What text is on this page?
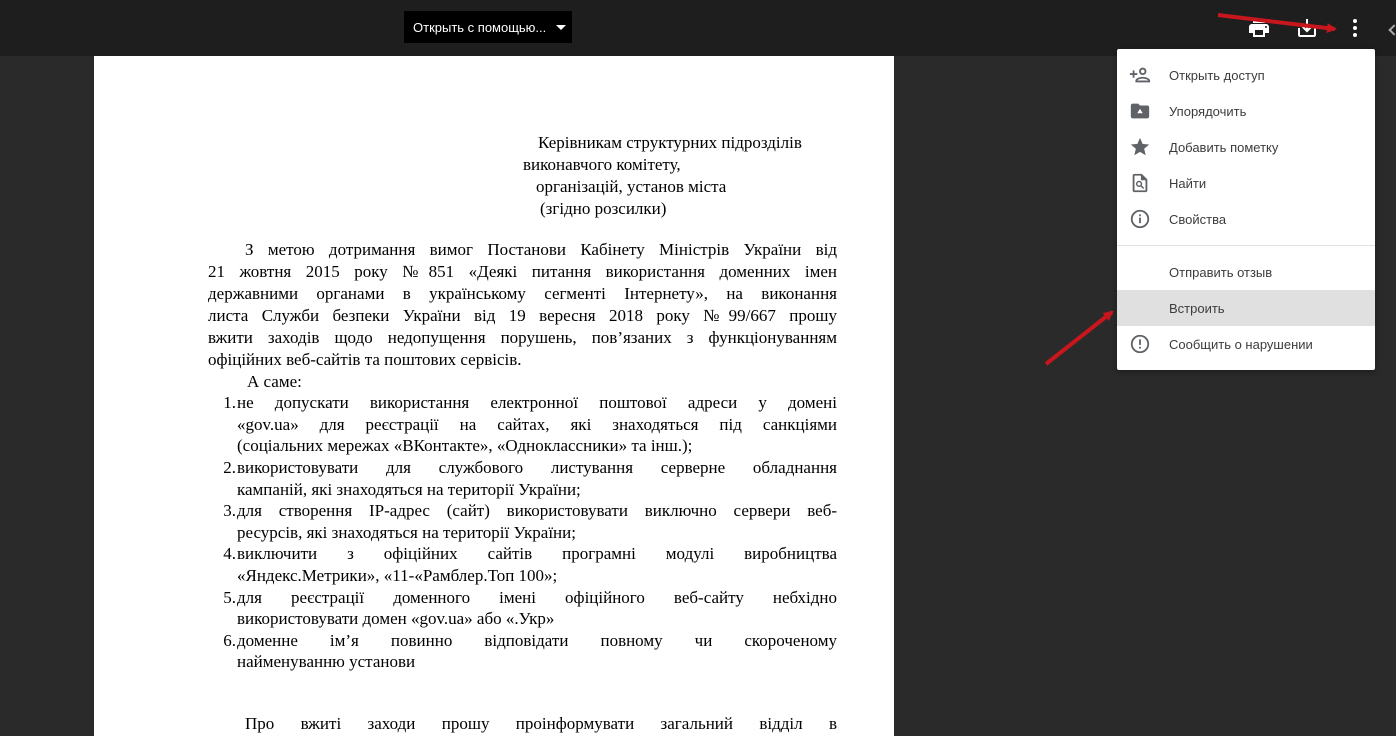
Открыть с помощью...
Керівникам структурних підрозділів
виконавчого комітету,
організацій, установ міста
(згідно розсилки)
З метою дотримання вимог Постанови Кабінету Міністрів України від
21 жовтня 2015 року №851 «Деякі питання використання доменних імен
державними органами в українському сегменті Інтернету», на виконання
листа Служби безпеки України від 19 вересня 2018 року №99/667 прошу
вжити заходів щодо недопущення порушень, пов’язаних з функціонуванням
офіційних веб-сайтів та поштових сервісів.
А саме:
1. не допускати використання електронної поштової адреси у домені
«gov.ua» для реєстрації на сайтах, які знаходяться під санкціями
(соціальних мережах «ВКонтакте», «Одноклассники» та інш.);
2. використовувати для службового листування серверне обладнання
кампаній, які знаходяться на території України;
3. для створення IP-адрес (сайт) використовувати виключно сервери веб-
ресурсів, які знаходяться на території України;
4. виключити з офіційних сайтів програмні модулі виробництва
«Яндекс.Метрики», «11-«Рамблер.Топ 100»;
5. для реєстрації доменного імені офіційного веб-сайту небхідно
використовувати домен «gov.ua» або «.Укр»
6. доменне ім’я повинно відповідати повному чи скороченому
найменуванню установи
Про вжиті заходи прошу проінформувати загальний відділ в
Открыть доступ
Упорядочить
Добавить пометку
Найти
Свойства
Отправить отзыв
Встроить
Сообщить о нарушении
